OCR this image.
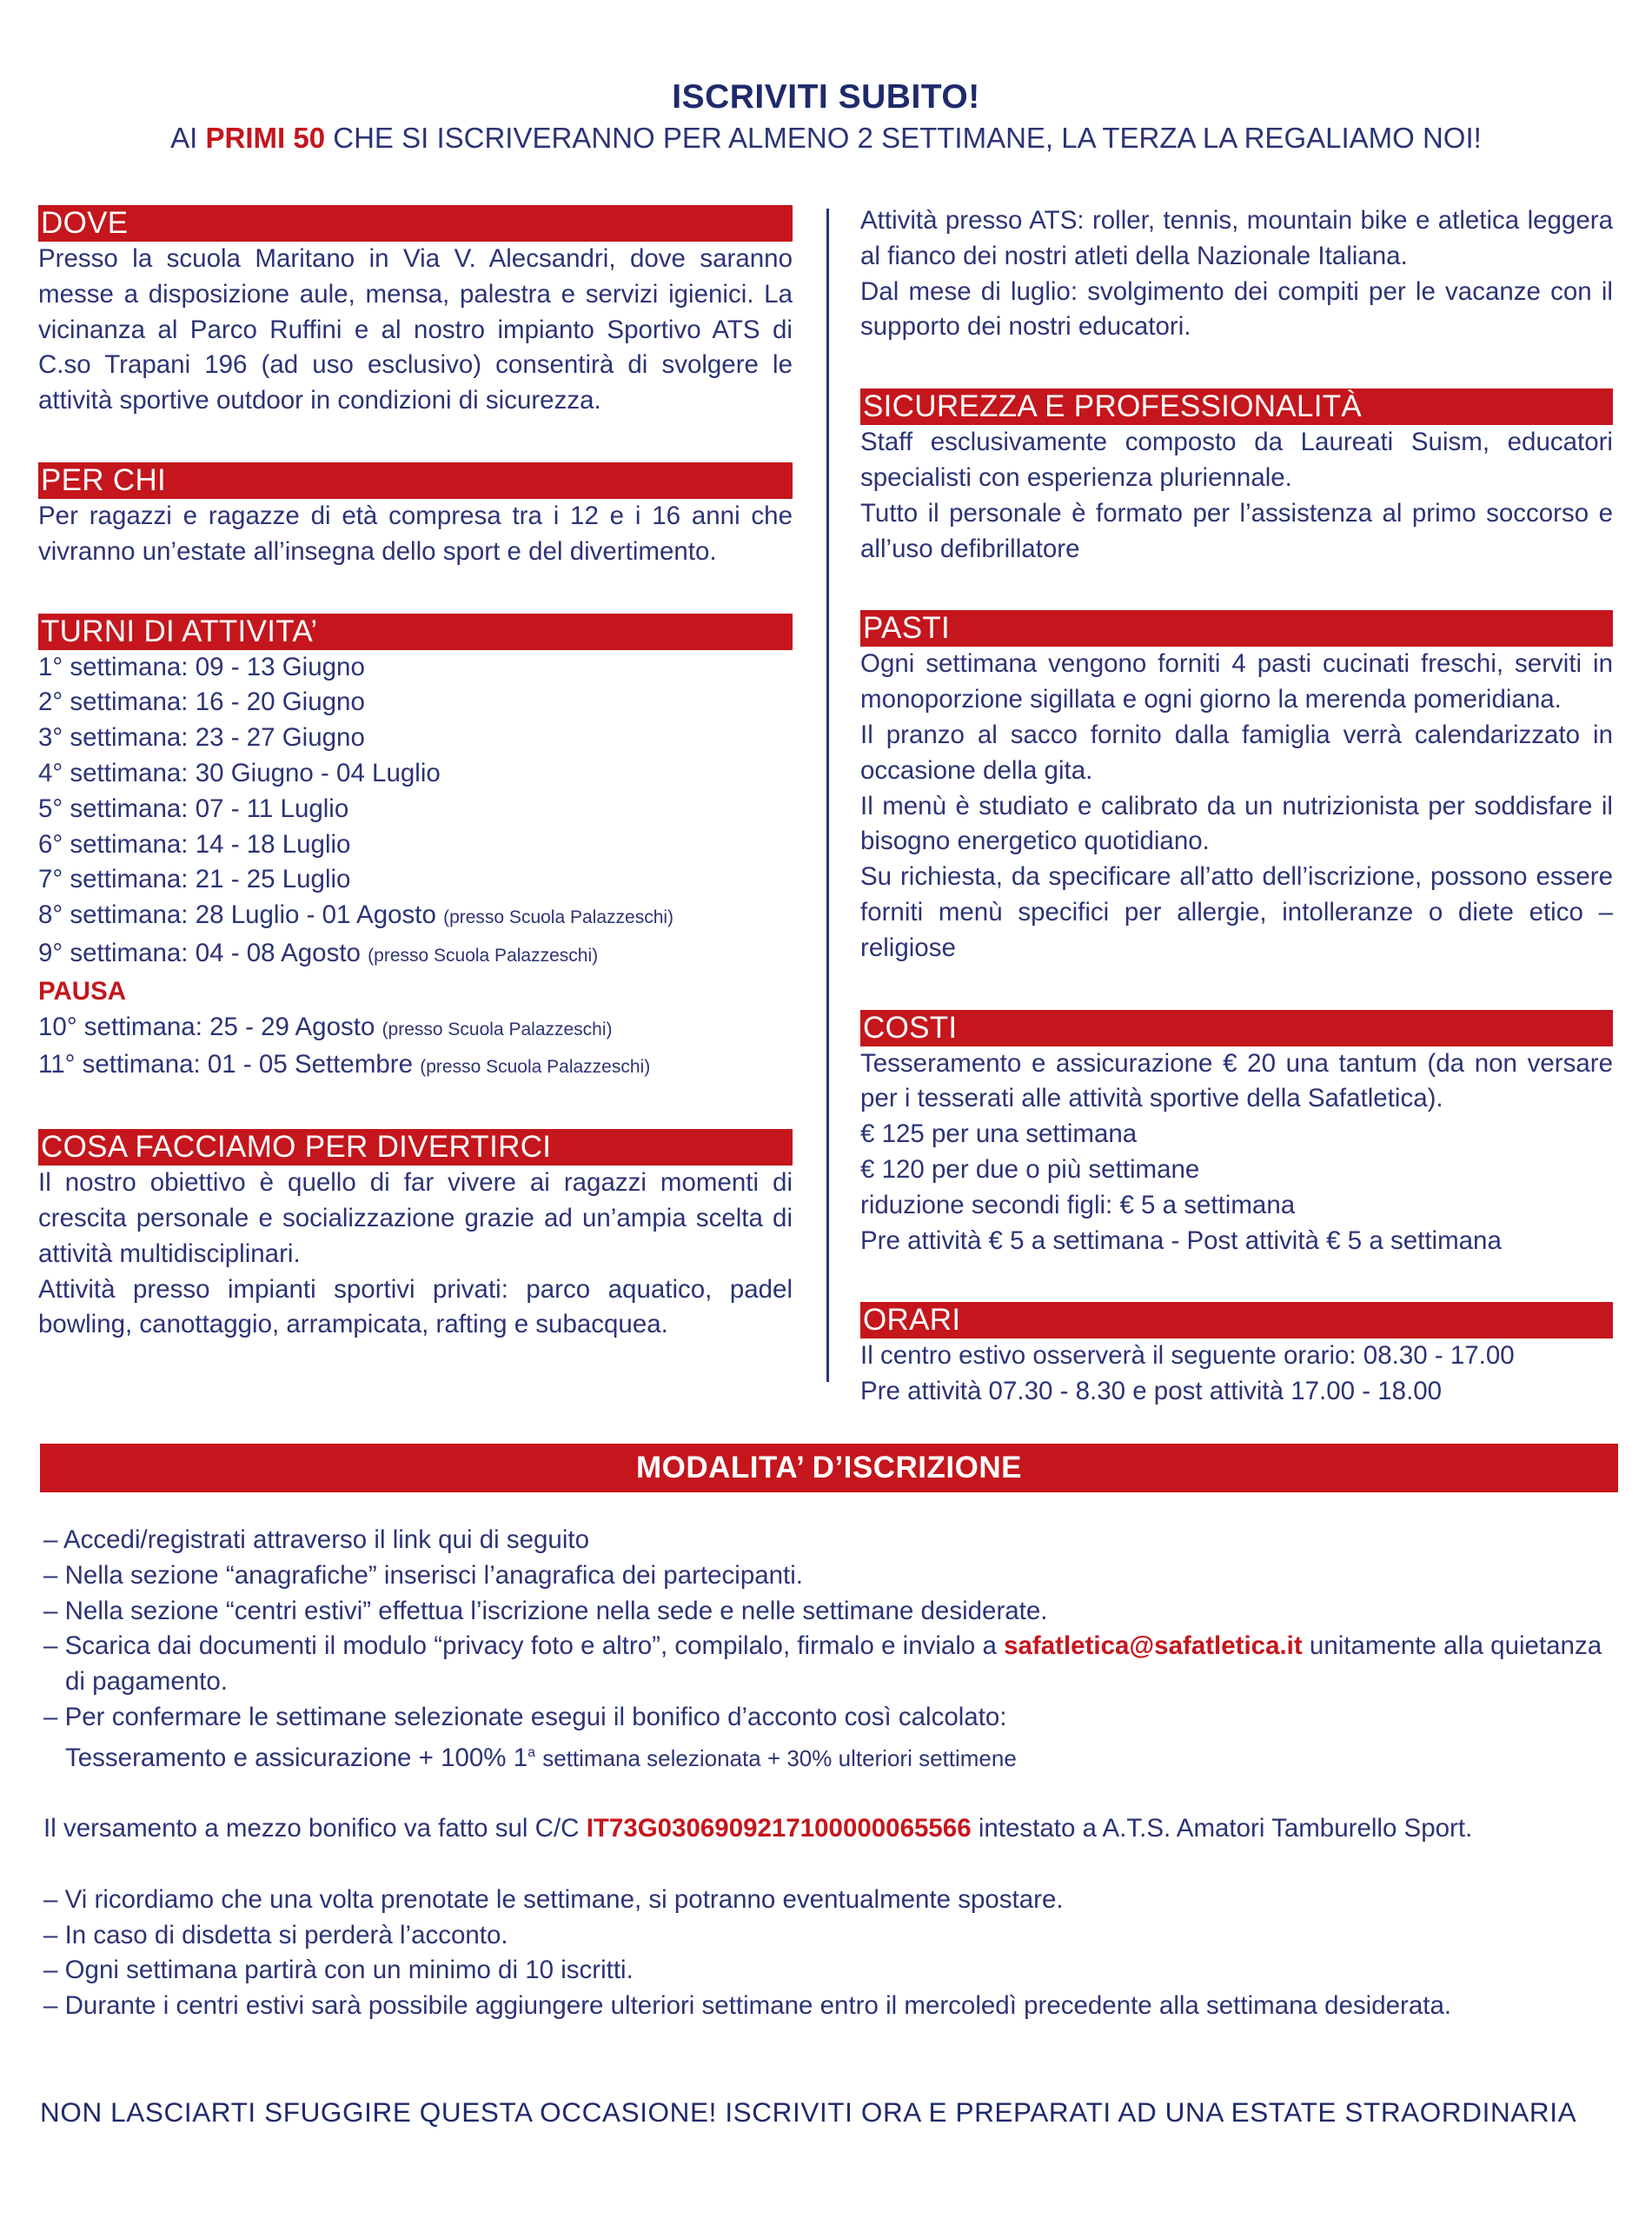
ISCRIVITI SUBITO!
AI PRIMI 50 CHE SI ISCRIVERANNO PER ALMENO 2 SETTIMANE, LA TERZA LA REGALIAMO NOI!
DOVE

Presso la scuola Maritano in Via V. Alecsandri, dove saranno messe a disposizione aule, mensa, palestra e servizi igienici. La vicinanza al Parco Ruffini e al nostro impianto Sportivo ATS di C.so Trapani 196 (ad uso esclusivo) consentirà di svolgere le attività sportive outdoor in condizioni di sicurezza.

PER CHI

Per ragazzi e ragazze di età compresa tra i 12 e i 16 anni che vivranno un’estate all’insegna dello sport e del divertimento.

TURNI DI ATTIVITA’
1° settimana: 09 - 13 Giugno
2° settimana: 16 - 20 Giugno
3° settimana: 23 - 27 Giugno
4° settimana: 30 Giugno - 04 Luglio
5° settimana: 07 - 11 Luglio
6° settimana: 14 - 18 Luglio
7° settimana: 21 - 25 Luglio
8° settimana: 28 Luglio - 01 Agosto (presso Scuola Palazzeschi)
9° settimana: 04 - 08 Agosto (presso Scuola Palazzeschi)
PAUSA
10° settimana: 25 - 29 Agosto (presso Scuola Palazzeschi)
11° settimana: 01 - 05 Settembre (presso Scuola Palazzeschi)
COSA FACCIAMO PER DIVERTIRCI

Il nostro obiettivo è quello di far vivere ai ragazzi momenti di crescita personale e socializzazione grazie ad un’ampia scelta di attività multidisciplinari.

Attività presso impianti sportivi privati: parco aquatico, padel bowling, canottaggio, arrampicata, rafting e subacquea.

Attività presso ATS: roller, tennis, mountain bike e atletica leggera al fianco dei nostri atleti della Nazionale Italiana.

Dal mese di luglio: svolgimento dei compiti per le vacanze con il supporto dei nostri educatori.

SICUREZZA E PROFESSIONALITÀ

Staff esclusivamente composto da Laureati Suism, educatori specialisti con esperienza pluriennale.

Tutto il personale è formato per l’assistenza al primo soccorso e all’uso defibrillatore

PASTI

Ogni settimana vengono forniti 4 pasti cucinati freschi, serviti in monoporzione sigillata e ogni giorno la merenda pomeridiana.

Il pranzo al sacco fornito dalla famiglia verrà calendarizzato in occasione della gita.

Il menù è studiato e calibrato da un nutrizionista per soddisfare il bisogno energetico quotidiano.

Su richiesta, da specificare all’atto dell’iscrizione, possono essere forniti menù specifici per allergie, intolleranze o diete etico – religiose

COSTI

Tesseramento e assicurazione € 20 una tantum (da non versare per i tesserati alle attività sportive della Safatletica).

€ 125 per una settimana

€ 120 per due o più settimane

riduzione secondi figli: € 5 a settimana

Pre attività € 5 a settimana - Post attività € 5 a settimana

ORARI

Il centro estivo osserverà il seguente orario: 08.30 - 17.00

Pre attività 07.30 - 8.30 e post attività 17.00 - 18.00

MODALITA’ D’ISCRIZIONE
– Accedi/registrati attraverso il link qui di seguito
– Nella sezione “anagrafiche” inserisci l’anagrafica dei partecipanti.
– Nella sezione “centri estivi” effettua l’iscrizione nella sede e nelle settimane desiderate.
– Scarica dai documenti il modulo “privacy foto e altro”, compilalo, firmalo e invialo a safatletica@safatletica.it unitamente alla quietanza di pagamento.
– Per confermare le settimane selezionate esegui il bonifico d’acconto così calcolato:
Tesseramento e assicurazione + 100% 1$^a$ settimana selezionata + 30% ulteriori settimene
Il versamento a mezzo bonifico va fatto sul C/C IT73G0306909217100000065566 intestato a A.T.S. Amatori Tamburello Sport.
– Vi ricordiamo che una volta prenotate le settimane, si potranno eventualmente spostare.
– In caso di disdetta si perderà l’acconto.
– Ogni settimana partirà con un minimo di 10 iscritti.
– Durante i centri estivi sarà possibile aggiungere ulteriori settimane entro il mercoledì precedente alla settimana desiderata.
NON LASCIARTI SFUGGIRE QUESTA OCCASIONE! ISCRIVITI ORA E PREPARATI AD UNA ESTATE STRAORDINARIA
